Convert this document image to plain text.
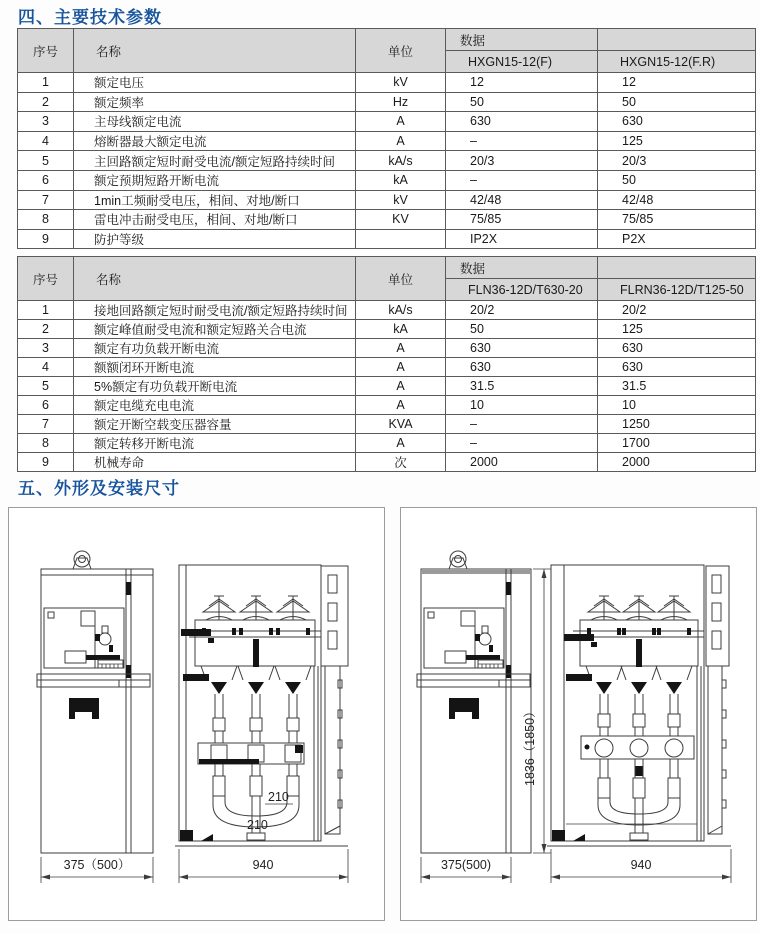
四、主要技术参数
序号	名称	单位	数据	
			HXGN15-12(F)	HXGN15-12(F.R)
1	额定电压	kV	12	12
2	额定频率	Hz	50	50
3	主母线额定电流	A	630	630
4	熔断器最大额定电流	A	–	125
5	主回路额定短时耐受电流/额定短路持续时间	kA/s	20/3	20/3
6	额定预期短路开断电流	kA	–	50
7	1min工频耐受电压，相间、对地/断口	kV	42/48	42/48
8	雷电冲击耐受电压，相间、对地/断口	KV	75/85	75/85
9	防护等级		IP2X	P2X
序号	名称	单位	数据	
			FLN36-12D/T630-20	FLRN36-12D/T125-50
1	接地回路额定短时耐受电流/额定短路持续时间	kA/s	20/2	20/2
2	额定峰值耐受电流和额定短路关合电流	kA	50	125
3	额定有功负载开断电流	A	630	630
4	额额闭环开断电流	A	630	630
5	5%额定有功负载开断电流	A	31.5	31.5
6	额定电缆充电电流	A	10	10
7	额定开断空载变压器容量	KVA	–	1250
8	额定转移开断电流	A	–	1700
9	机械寿命	次	2000	2000
五、外形及安装尺寸
375（500）
210
210
940
1836（1850）
375(500)	940
